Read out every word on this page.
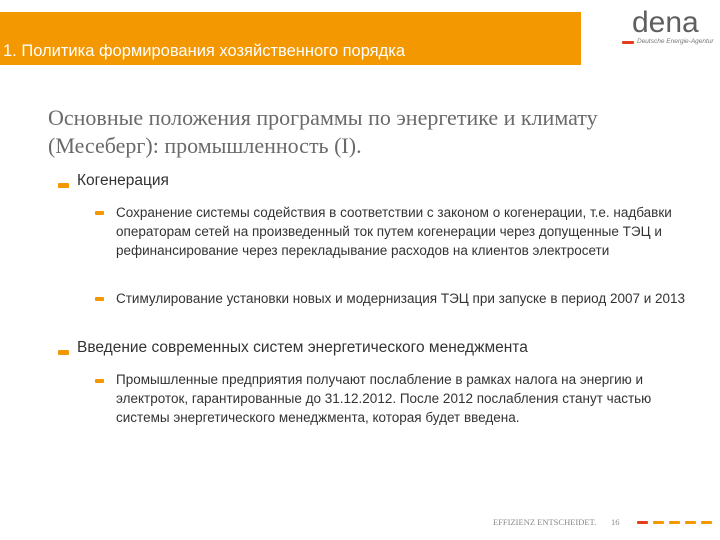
1. Политика формирования хозяйственного порядка
dena
Deutsche Energie-Agentur
Основные положения программы по энергетике и климату (Месеберг): промышленность (I).
Когенерация
Сохранение системы содействия в соответствии с законом о когенерации, т.е. надбавки операторам сетей на произведенный ток путем когенерации через допущенные ТЭЦ и рефинансирование через перекладывание расходов на клиентов электросети
Стимулирование установки новых и модернизация ТЭЦ при запуске в период 2007 и 2013
Введение современных систем энергетического менеджмента
Промышленные предприятия получают послабление в рамках налога на энергию и электроток, гарантированные до 31.12.2012. После 2012 послабления станут частью системы энергетического менеджмента, которая будет введена.
EFFIZIENZ ENTSCHEIDET. 16
